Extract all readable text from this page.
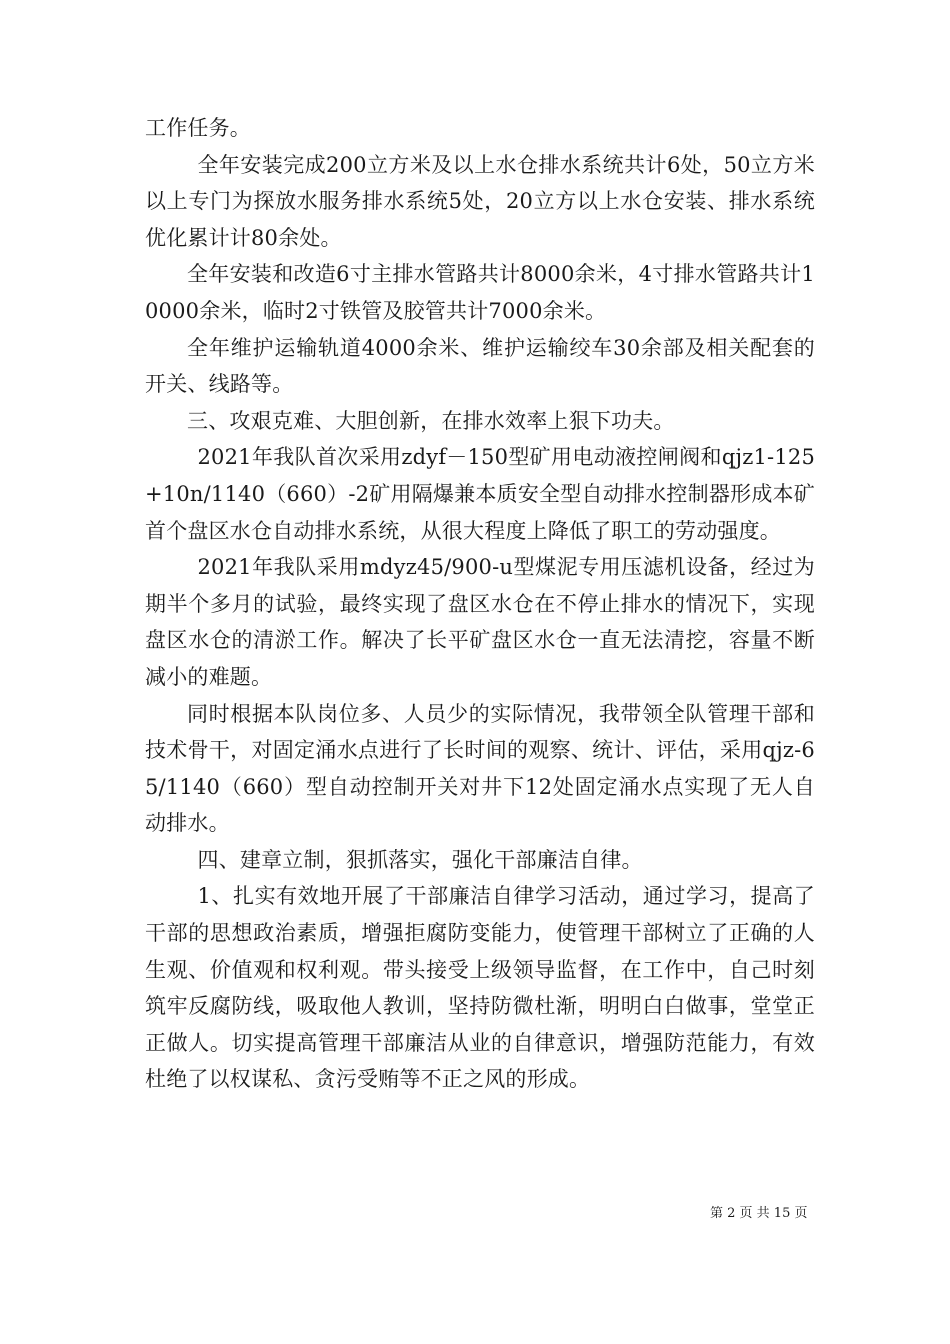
工作任务。

全年安装完成200立方米及以上水仓排水系统共计6处，50立方米以上专门为探放水服务排水系统5处，20立方以上水仓安装、排水系统优化累计计80余处。

全年安装和改造6寸主排水管路共计8000余米，4寸排水管路共计10000余米，临时2寸铁管及胶管共计7000余米。

全年维护运输轨道4000余米、维护运输绞车30余部及相关配套的开关、线路等。

三、攻艰克难、大胆创新，在排水效率上狠下功夫。

2021年我队首次采用zdyf－150型矿用电动液控闸阀和qjz1-125+10n/1140（660）-2矿用隔爆兼本质安全型自动排水控制器形成本矿首个盘区水仓自动排水系统，从很大程度上降低了职工的劳动强度。

2021年我队采用mdyz45/900-u型煤泥专用压滤机设备，经过为期半个多月的试验，最终实现了盘区水仓在不停止排水的情况下，实现盘区水仓的清淤工作。解决了长平矿盘区水仓一直无法清挖，容量不断减小的难题。

同时根据本队岗位多、人员少的实际情况，我带领全队管理干部和技术骨干，对固定涌水点进行了长时间的观察、统计、评估，采用qjz-65/1140（660）型自动控制开关对井下12处固定涌水点实现了无人自动排水。

四、建章立制，狠抓落实，强化干部廉洁自律。

1、扎实有效地开展了干部廉洁自律学习活动，通过学习，提高了干部的思想政治素质，增强拒腐防变能力，使管理干部树立了正确的人生观、价值观和权利观。带头接受上级领导监督，在工作中，自己时刻筑牢反腐防线，吸取他人教训，坚持防微杜渐，明明白白做事，堂堂正正做人。切实提高管理干部廉洁从业的自律意识，增强防范能力，有效杜绝了以权谋私、贪污受贿等不正之风的形成。

第 2 页 共 15 页
